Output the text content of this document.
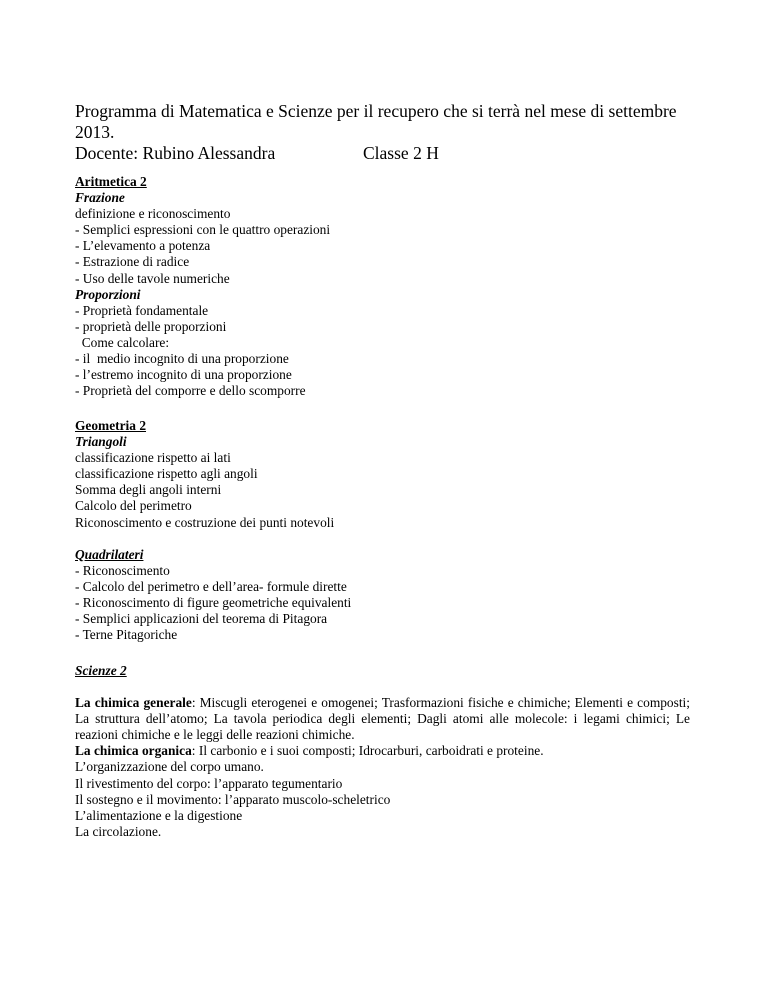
Programma di Matematica e Scienze per il recupero che si terrà nel mese di settembre
2013.
Docente: Rubino Alessandra	Classe 2 H
Aritmetica 2
Frazione
definizione e riconoscimento
- Semplici espressioni con le quattro operazioni
- L’elevamento a potenza
- Estrazione di radice
- Uso delle tavole numeriche
Proporzioni
- Proprietà fondamentale
- proprietà delle proporzioni
Come calcolare:
- il  medio incognito di una proporzione
- l’estremo incognito di una proporzione
- Proprietà del comporre e dello scomporre
Geometria 2
Triangoli
classificazione rispetto ai lati
classificazione rispetto agli angoli
Somma degli angoli interni
Calcolo del perimetro
Riconoscimento e costruzione dei punti notevoli
Quadrilateri
- Riconoscimento
- Calcolo del perimetro e dell’area- formule dirette
- Riconoscimento di figure geometriche equivalenti
- Semplici applicazioni del teorema di Pitagora
- Terne Pitagoriche
Scienze 2
La chimica generale: Miscugli eterogenei e omogenei; Trasformazioni fisiche e chimiche; Elementi e composti; La struttura dell’atomo; La tavola periodica degli elementi; Dagli atomi alle molecole: i legami chimici; Le reazioni chimiche e le leggi delle reazioni chimiche.
La chimica organica: Il carbonio e i suoi composti; Idrocarburi, carboidrati e proteine.
L’organizzazione del corpo umano.
Il rivestimento del corpo: l’apparato tegumentario
Il sostegno e il movimento: l’apparato muscolo-scheletrico
L’alimentazione e la digestione
La circolazione.
